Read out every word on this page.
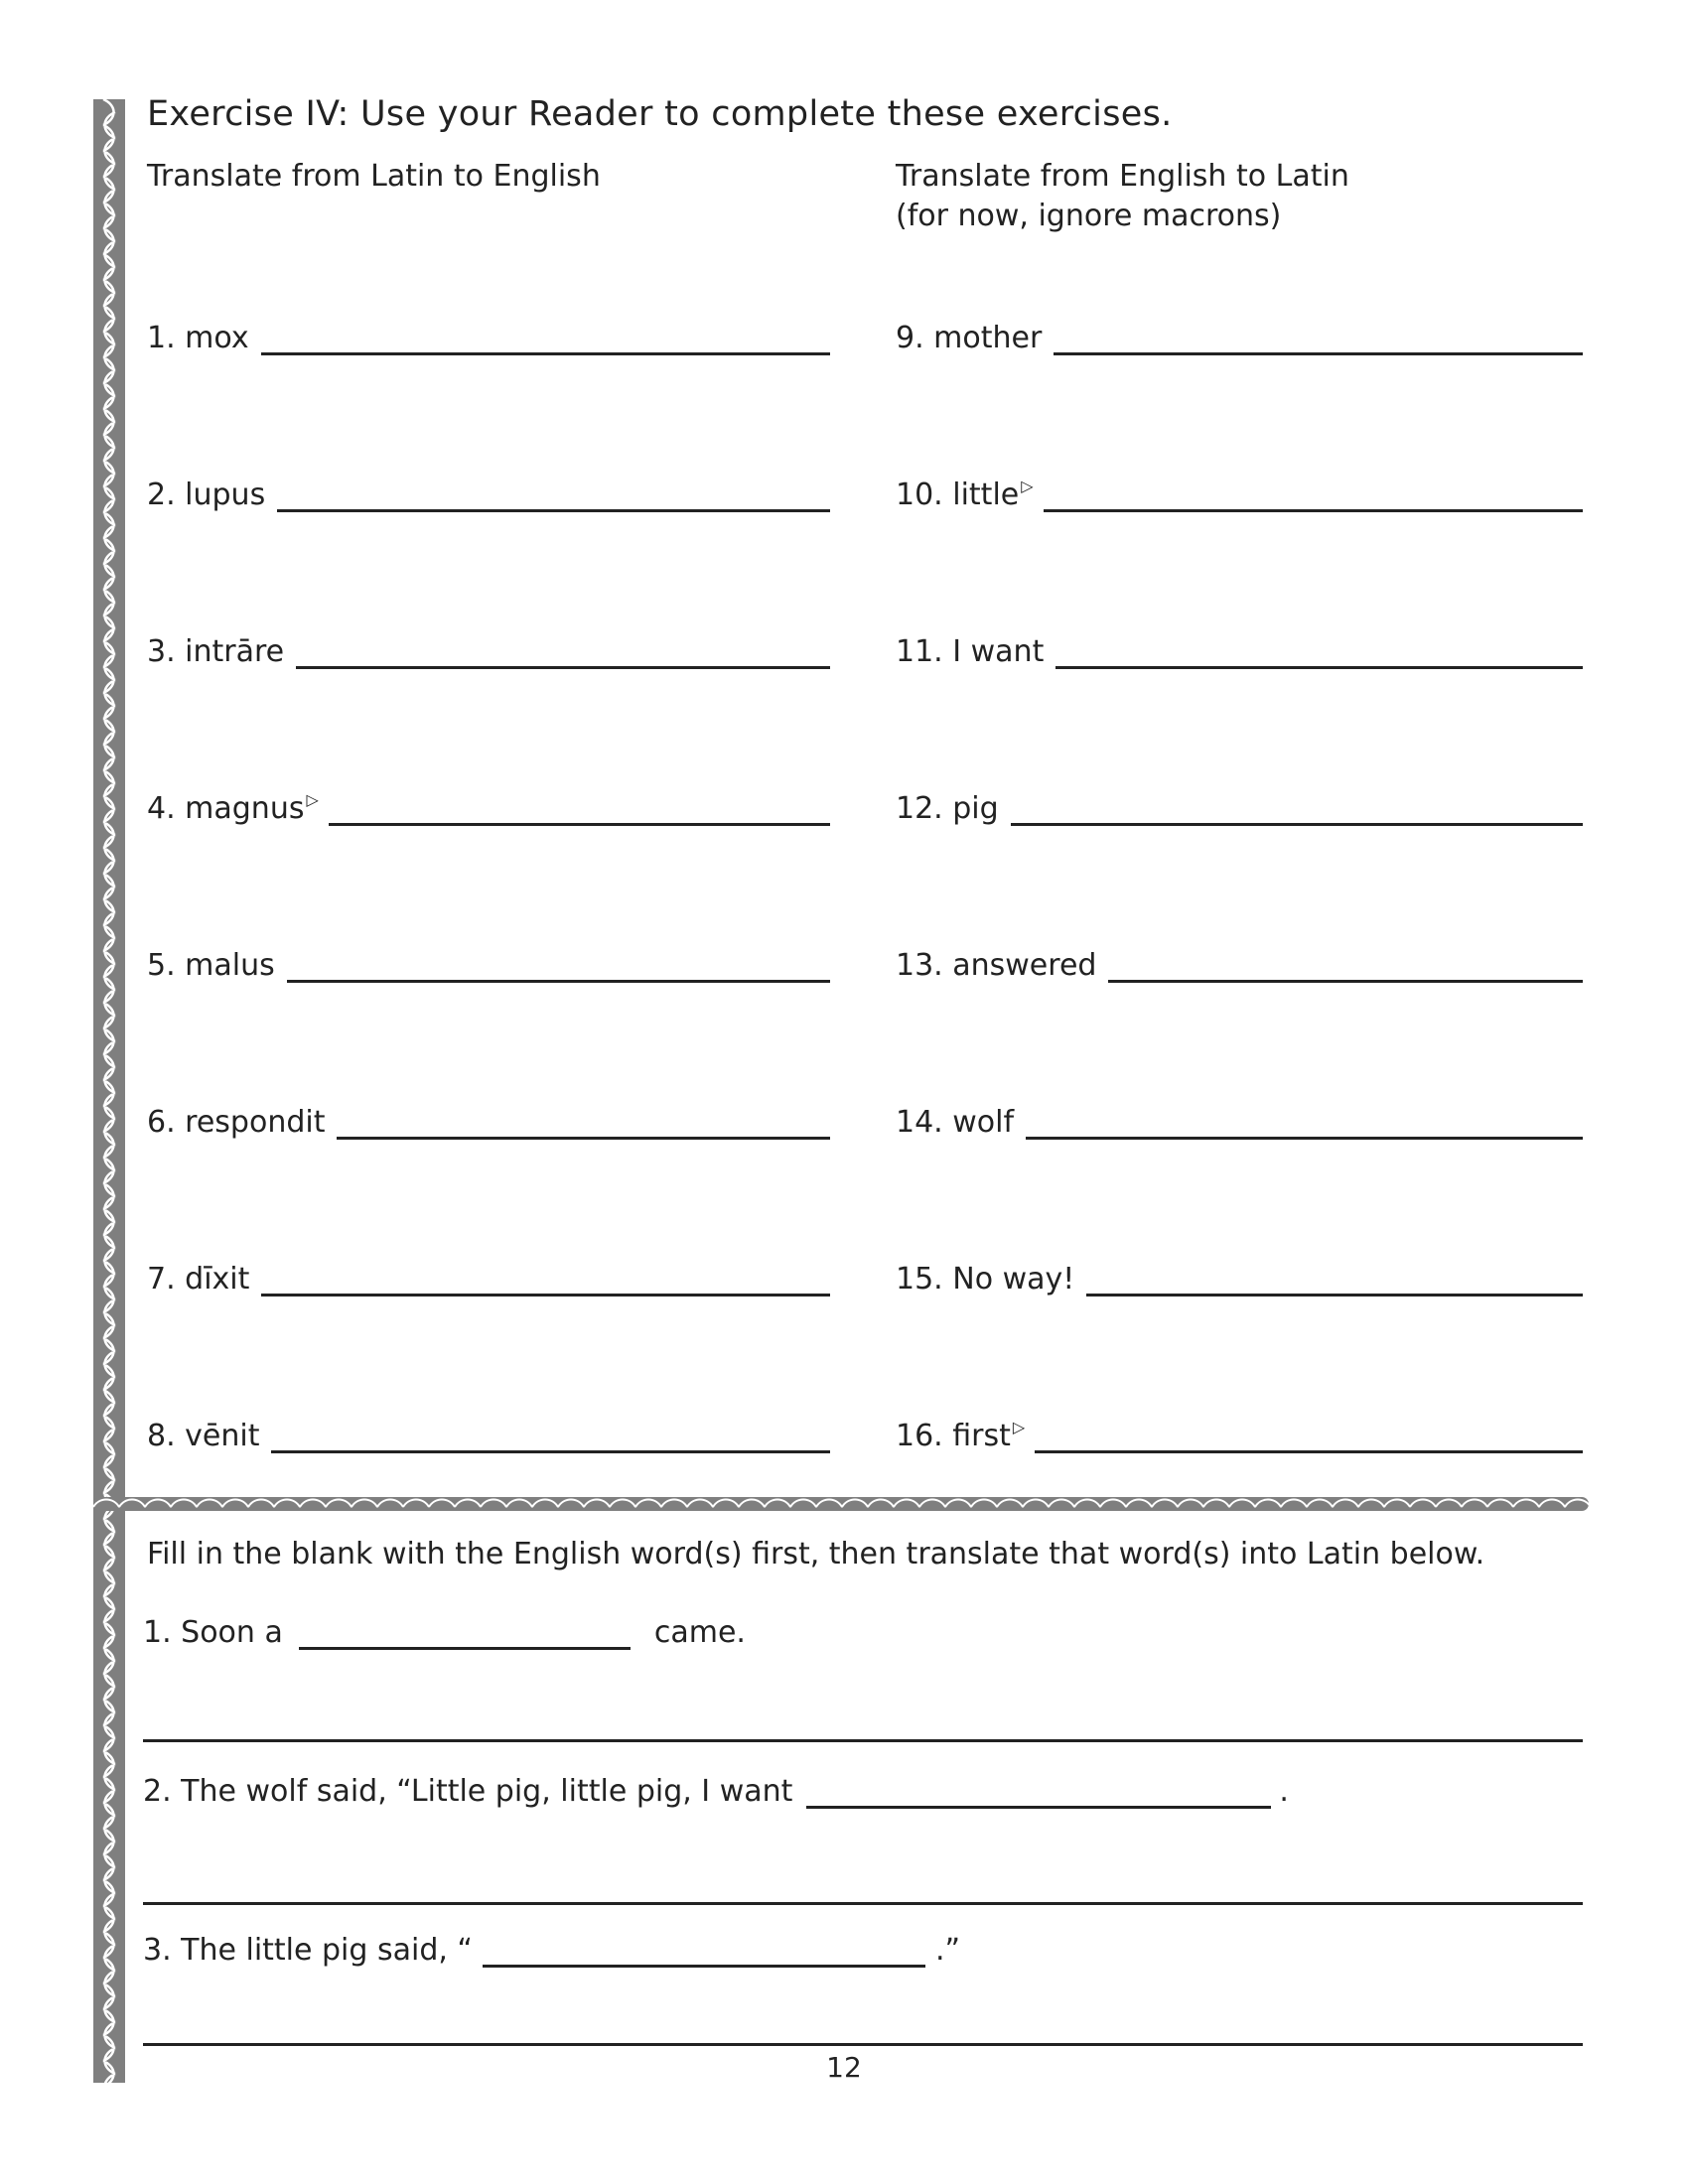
Exercise IV: Use your Reader to complete these exercises.
Translate from Latin to English	Translate from English to Latin
(for now, ignore macrons)
1. mox
2. lupus
3. intrāre
4. magnus ▷
5. malus
6. respondit
7. dīxit
8. vēnit
9. mother
10. little ▷
11. I want
12. pig
13. answered
14. wolf
15. No way!
16. first ▷
Fill in the blank with the English word(s) first, then translate that word(s) into Latin below.
1. Soon a	came.
2. The wolf said, “Little pig, little pig, I want	.
3. The little pig said, “	.”
12
